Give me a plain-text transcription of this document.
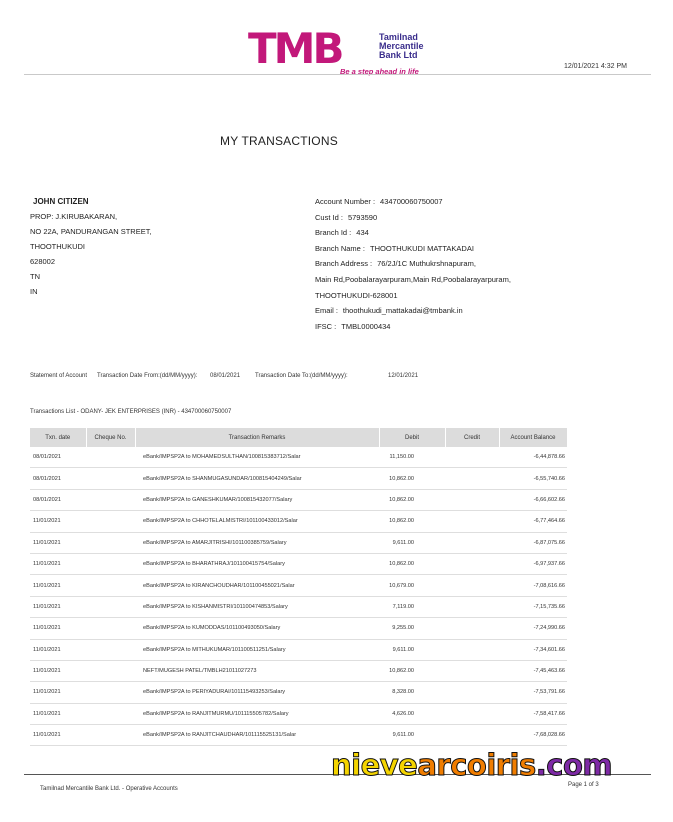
TMB	Tamilnad
Mercantile
Bank Ltd
Be a step ahead in life
12/01/2021 4:32 PM
MY TRANSACTIONS
JOHN CITIZEN
PROP: J.KIRUBAKARAN,
NO 22A, PANDURANGAN STREET,
THOOTHUKUDI
628002
TN
IN
Account Number : 434700060750007
Cust Id : 5793590
Branch Id : 434
Branch Name : THOOTHUKUDI MATTAKADAI
Branch Address : 76/2J/1C Muthukrshnapuram,
Main Rd,Poobalarayarpuram,Main Rd,Poobalarayarpuram,
THOOTHUKUDI-628001
Email : thoothukudi_mattakadai@tmbank.in
IFSC : TMBL0000434
Statement of Account Transaction Date From:(dd/MM/yyyy): 08/01/2021 Transaction Date To:(dd/MM/yyyy):	12/01/2021
Transactions List - ODANY- JEK ENTERPRISES (INR) - 434700060750007
Txn. date	Cheque No.	Transaction Remarks	Debit	Credit	Account Balance
08/01/2021		eBank/IMPSP2A to MOHAMEDSULTHAN/100815383712/Salar	11,150.00		-6,44,878.66
08/01/2021		eBank/IMPSP2A to SHANMUGASUNDAR/100815404249/Salar	10,862.00		-6,55,740.66
08/01/2021		eBank/IMPSP2A to GANESHKUMAR/100815432077/Salary	10,862.00		-6,66,602.66
11/01/2021		eBank/IMPSP2A to CHHOTELALMISTRI/101100433012/Salar	10,862.00		-6,77,464.66
11/01/2021		eBank/IMPSP2A to AMARJITRISHI/101100385759/Salary	9,611.00		-6,87,075.66
11/01/2021		eBank/IMPSP2A to BHARATHRAJ/101100415754/Salary	10,862.00		-6,97,937.66
11/01/2021		eBank/IMPSP2A to KIRANCHOUDHAR/101100455021/Salar	10,679.00		-7,08,616.66
11/01/2021		eBank/IMPSP2A to KISHANMISTRI/101100474853/Salary	7,119.00		-7,15,735.66
11/01/2021		eBank/IMPSP2A to KUMODDAS/101100493050/Salary	9,255.00		-7,24,990.66
11/01/2021		eBank/IMPSP2A to MITHUKUMAR/101100511251/Salary	9,611.00		-7,34,601.66
11/01/2021		NEFT/MUGESH PATEL/TMBLH21011027273	10,862.00		-7,45,463.66
11/01/2021		eBank/IMPSP2A to PERIYADURAI/101115493253/Salary	8,328.00		-7,53,791.66
11/01/2021		eBank/IMPSP2A to RANJITMURMU/101115505782/Salary	4,626.00		-7,58,417.66
11/01/2021		eBank/IMPSP2A to RANJITCHAUDHAR/101115525131/Salar	9,611.00		-7,68,028.66
Tamilnad Mercantile Bank Ltd. - Operative Accounts
Page 1 of 3
nievearcoiris.com
